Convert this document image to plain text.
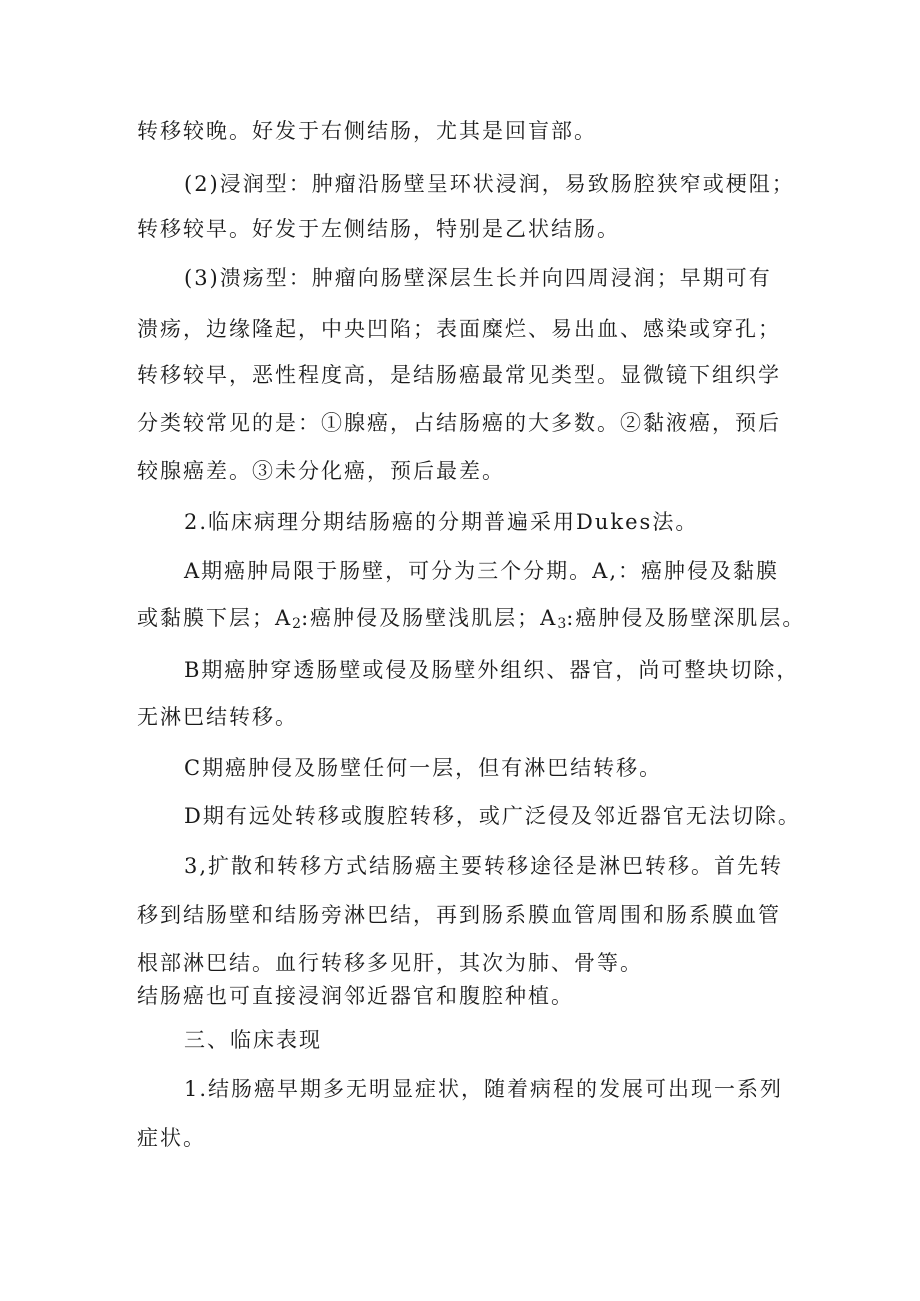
转移较晚。好发于右侧结肠，尤其是回盲部。
(2)浸润型：肿瘤沿肠壁呈环状浸润，易致肠腔狭窄或梗阻；
转移较早。好发于左侧结肠，特别是乙状结肠。
(3)溃疡型：肿瘤向肠壁深层生长并向四周浸润；早期可有
溃疡，边缘隆起，中央凹陷；表面糜烂、易出血、感染或穿孔；
转移较早，恶性程度高，是结肠癌最常见类型。显微镜下组织学
分类较常见的是：①腺癌，占结肠癌的大多数。②黏液癌，预后
较腺癌差。③未分化癌，预后最差。
2.临床病理分期结肠癌的分期普遍采用Dukes法。
A期癌肿局限于肠壁，可分为三个分期。A,：癌肿侵及黏膜
或黏膜下层；$A_2$:癌肿侵及肠壁浅肌层；$A_3$:癌肿侵及肠壁深肌层。
B期癌肿穿透肠壁或侵及肠壁外组织、器官，尚可整块切除，
无淋巴结转移。
C期癌肿侵及肠壁任何一层，但有淋巴结转移。
D期有远处转移或腹腔转移，或广泛侵及邻近器官无法切除。
3,扩散和转移方式结肠癌主要转移途径是淋巴转移。首先转
移到结肠壁和结肠旁淋巴结，再到肠系膜血管周围和肠系膜血管
根部淋巴结。血行转移多见肝，其次为肺、骨等。
结肠癌也可直接浸润邻近器官和腹腔种植。
三、临床表现
1.结肠癌早期多无明显症状，随着病程的发展可出现一系列
症状。
